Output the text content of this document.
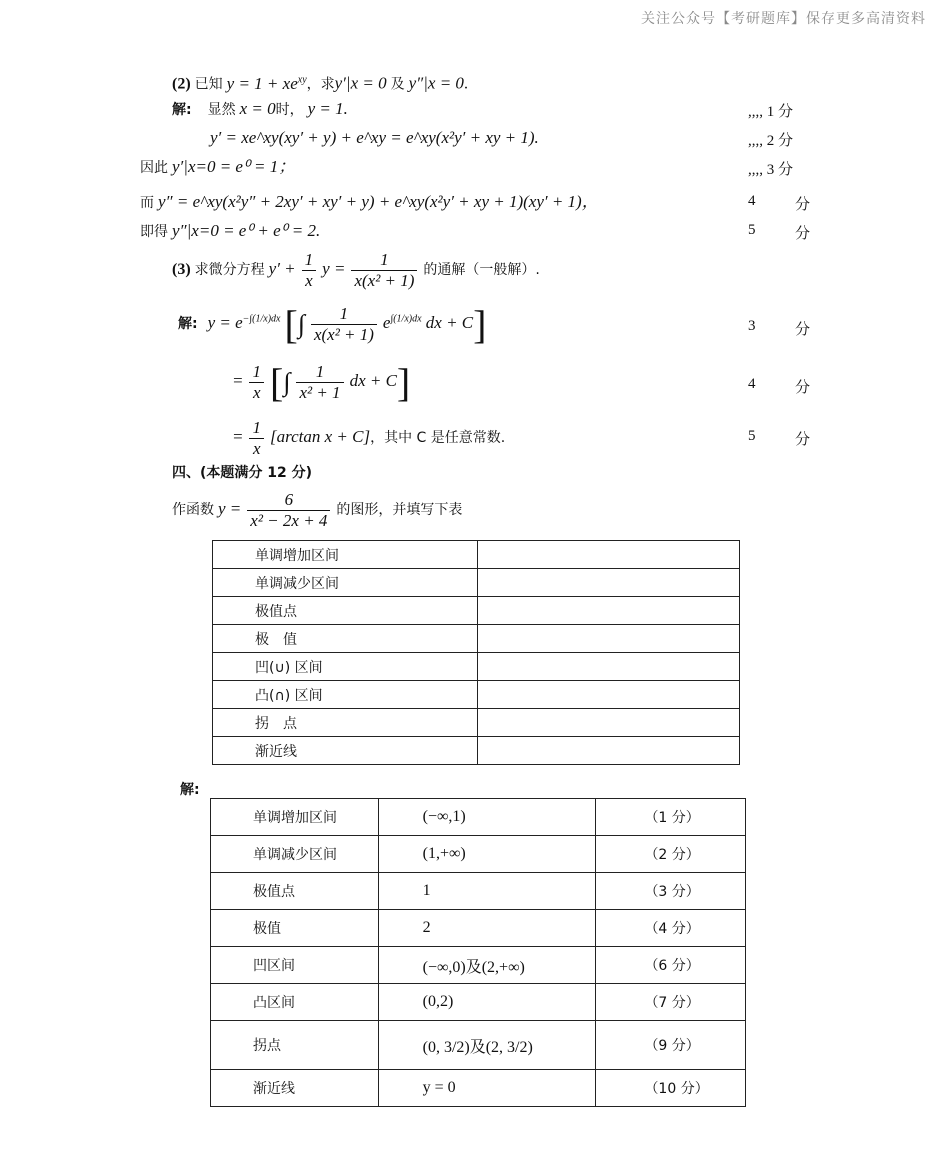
关注公众号【考研题库】保存更多高清资料
(2) 已知 $y = 1 + xe^{xy}$，求y′|x = 0 及 y″|x = 0.
解: 显然 x = 0时， y = 1.	,,,, 1 分
y′ = xe^xy(xy′ + y) + e^xy = e^xy(x²y′ + xy + 1).	,,,, 2 分
因此 y′|x=0 = e⁰ = 1；	,,,, 3 分
而 y″ = e^xy(x²y″ + 2xy′ + xy′ + y) + e^xy(x²y′ + xy + 1)(xy′ + 1)，	4	分
即得 y″|x=0 = e⁰ + e⁰ = 2.	5	分
(3) 求微分方程 $y' + \frac{1}{x}$ $y = \frac{1}{\text{x(x² + 1)}}$ 的通解（一般解）.
解: $y = e^{-\int(1/x)dx}$ [∫ $\frac{1}{\text{x(x² + 1)}} e^{\int(1/x)dx}$ dx + C]	3	分
= $\frac{1}{x}$ [∫ $\frac{1}{\text{x² + 1}}$ dx + C]	4	分
= $\frac{1}{x} [\arctan$ x + C]，其中 C 是任意常数.	5	分
四、(本题满分 12 分)
作函数 $y = \frac{6}{\text{x² − 2x + 4}}$ 的图形，并填写下表
单调增加区间	
单调减少区间	
极值点	
极　值	
凹(∪) 区间	
凸(∩) 区间	
拐　点	
渐近线	
解:
单调增加区间	(−∞,1)	（1 分）
单调减少区间	(1,+∞)	（2 分）
极值点	1	（3 分）
极值	2	（4 分）
凹区间	(−∞,0)及(2,+∞)	（6 分）
凸区间	(0,2)	（7 分）
拐点	(0, 3/2)及(2, 3/2)	（9 分）
渐近线	y = 0	（10 分）
